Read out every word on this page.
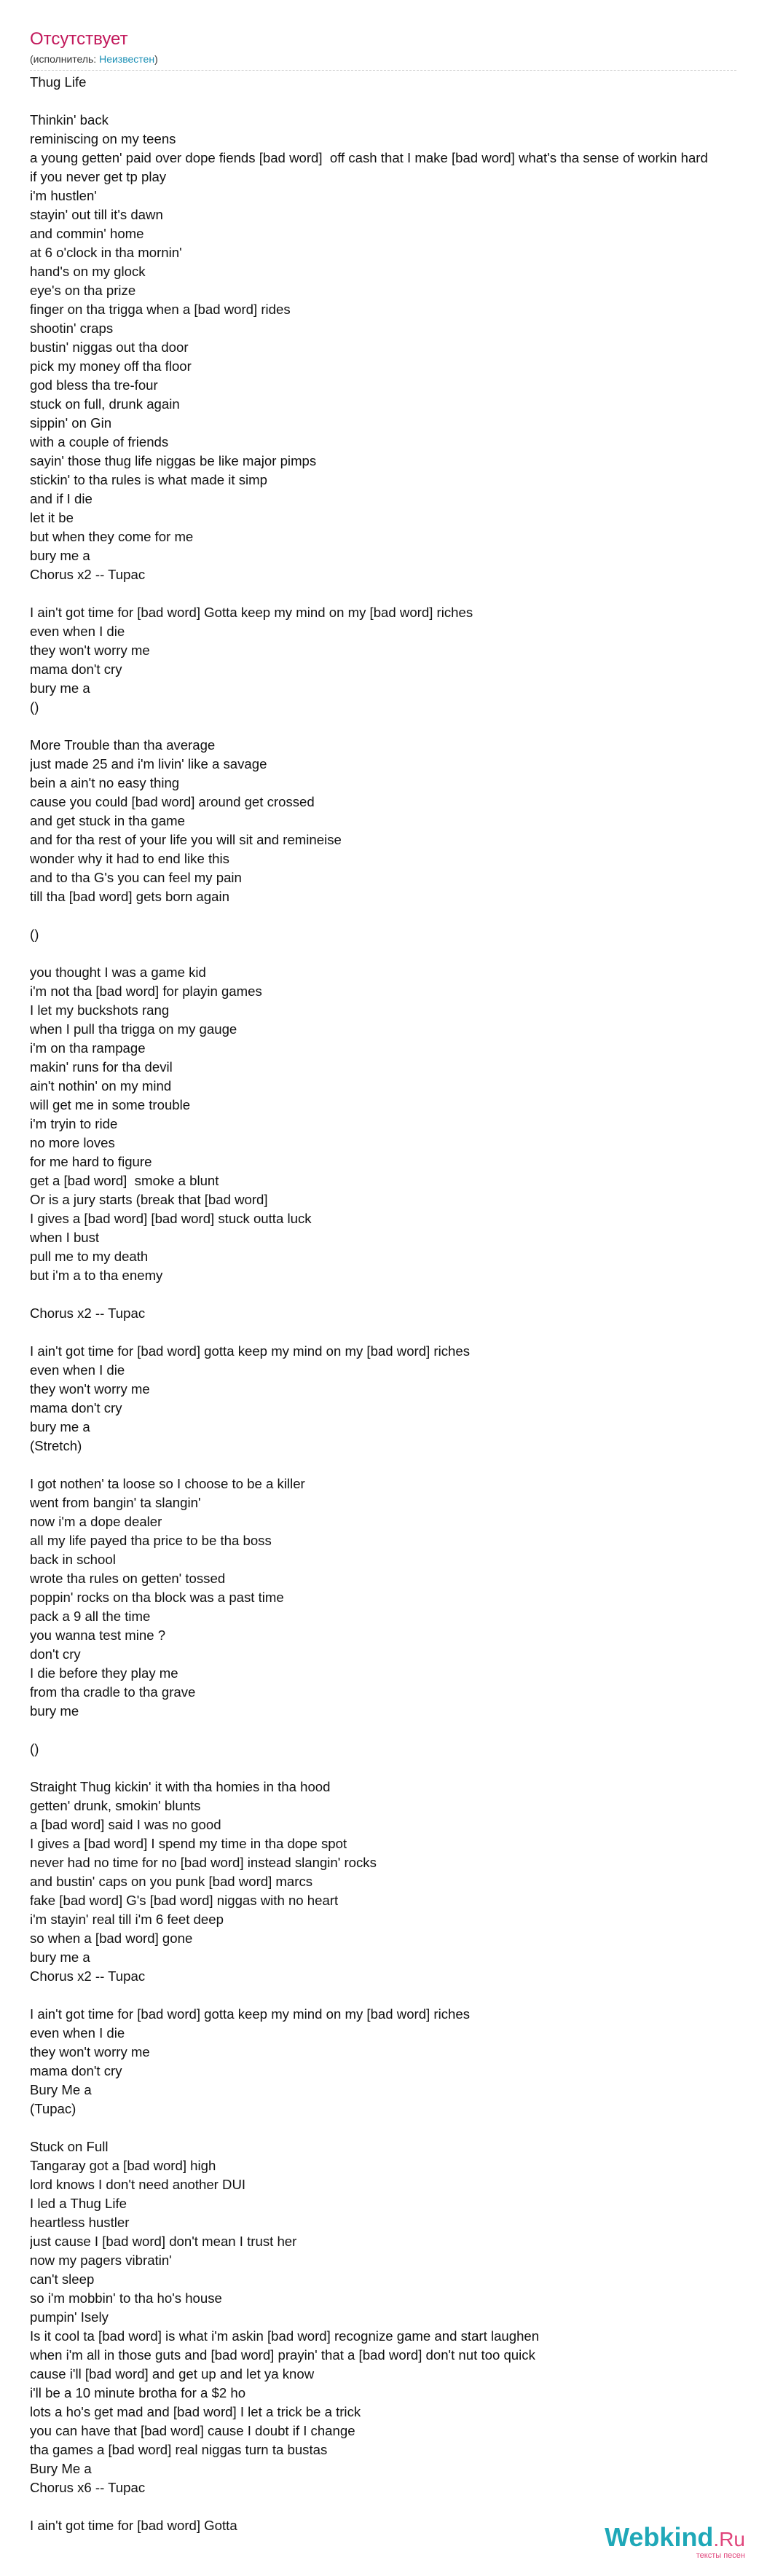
Отсутствует
(исполнитель: Неизвестен)
Thug Life
Thinkin' back
reminiscing on my teens
a young getten' paid over dope fiends [bad word]  off cash that I make [bad word] what's tha sense of workin hard
if you never get tp play
i'm hustlen'
stayin' out till it's dawn
and commin' home
at 6 o'clock in tha mornin'
hand's on my glock
eye's on tha prize
finger on tha trigga when a [bad word] rides
shootin' craps
bustin' niggas out tha door
pick my money off tha floor
god bless tha tre-four
stuck on full, drunk again
sippin' on Gin
with a couple of friends
sayin' those thug life niggas be like major pimps
stickin' to tha rules is what made it simp
and if I die
let it be
but when they come for me
bury me a
Chorus x2 -- Tupac
I ain't got time for [bad word] Gotta keep my mind on my [bad word] riches
even when I die
they won't worry me
mama don't cry
bury me a
()
More Trouble than tha average
just made 25 and i'm livin' like a savage
bein a ain't no easy thing
cause you could [bad word] around get crossed
and get stuck in tha game
and for tha rest of your life you will sit and remineise
wonder why it had to end like this
and to tha G's you can feel my pain
till tha [bad word] gets born again
()
you thought I was a game kid
i'm not tha [bad word] for playin games
I let my buckshots rang
when I pull tha trigga on my gauge
i'm on tha rampage
makin' runs for tha devil
ain't nothin' on my mind
will get me in some trouble
i'm tryin to ride
no more loves
for me hard to figure
get a [bad word]  smoke a blunt
Or is a jury starts (break that [bad word]
I gives a [bad word] [bad word] stuck outta luck
when I bust
pull me to my death
but i'm a to tha enemy
Chorus x2 -- Tupac
I ain't got time for [bad word] gotta keep my mind on my [bad word] riches
even when I die
they won't worry me
mama don't cry
bury me a
(Stretch)
I got nothen' ta loose so I choose to be a killer
went from bangin' ta slangin'
now i'm a dope dealer
all my life payed tha price to be tha boss
back in school
wrote tha rules on getten' tossed
poppin' rocks on tha block was a past time
pack a 9 all the time
you wanna test mine ?
don't cry
I die before they play me
from tha cradle to tha grave
bury me
()
Straight Thug kickin' it with tha homies in tha hood
getten' drunk, smokin' blunts
a [bad word] said I was no good
I gives a [bad word] I spend my time in tha dope spot
never had no time for no [bad word] instead slangin' rocks
and bustin' caps on you punk [bad word] marcs
fake [bad word] G's [bad word] niggas with no heart
i'm stayin' real till i'm 6 feet deep
so when a [bad word] gone
bury me a
Chorus x2 -- Tupac
I ain't got time for [bad word] gotta keep my mind on my [bad word] riches
even when I die
they won't worry me
mama don't cry
Bury Me a
(Tupac)
Stuck on Full
Tangaray got a [bad word] high
lord knows I don't need another DUI
I led a Thug Life
heartless hustler
just cause I [bad word] don't mean I trust her
now my pagers vibratin'
can't sleep
so i'm mobbin' to tha ho's house
pumpin' Isely
Is it cool ta [bad word] is what i'm askin [bad word] recognize game and start laughen
when i'm all in those guts and [bad word] prayin' that a [bad word] don't nut too quick
cause i'll [bad word] and get up and let ya know
i'll be a 10 minute brotha for a $2 ho
lots a ho's get mad and [bad word] I let a trick be a trick
you can have that [bad word] cause I doubt if I change
tha games a [bad word] real niggas turn ta bustas
Bury Me a
Chorus x6 -- Tupac
I ain't got time for [bad word] Gotta	Webkind.Ru
тексты песен
